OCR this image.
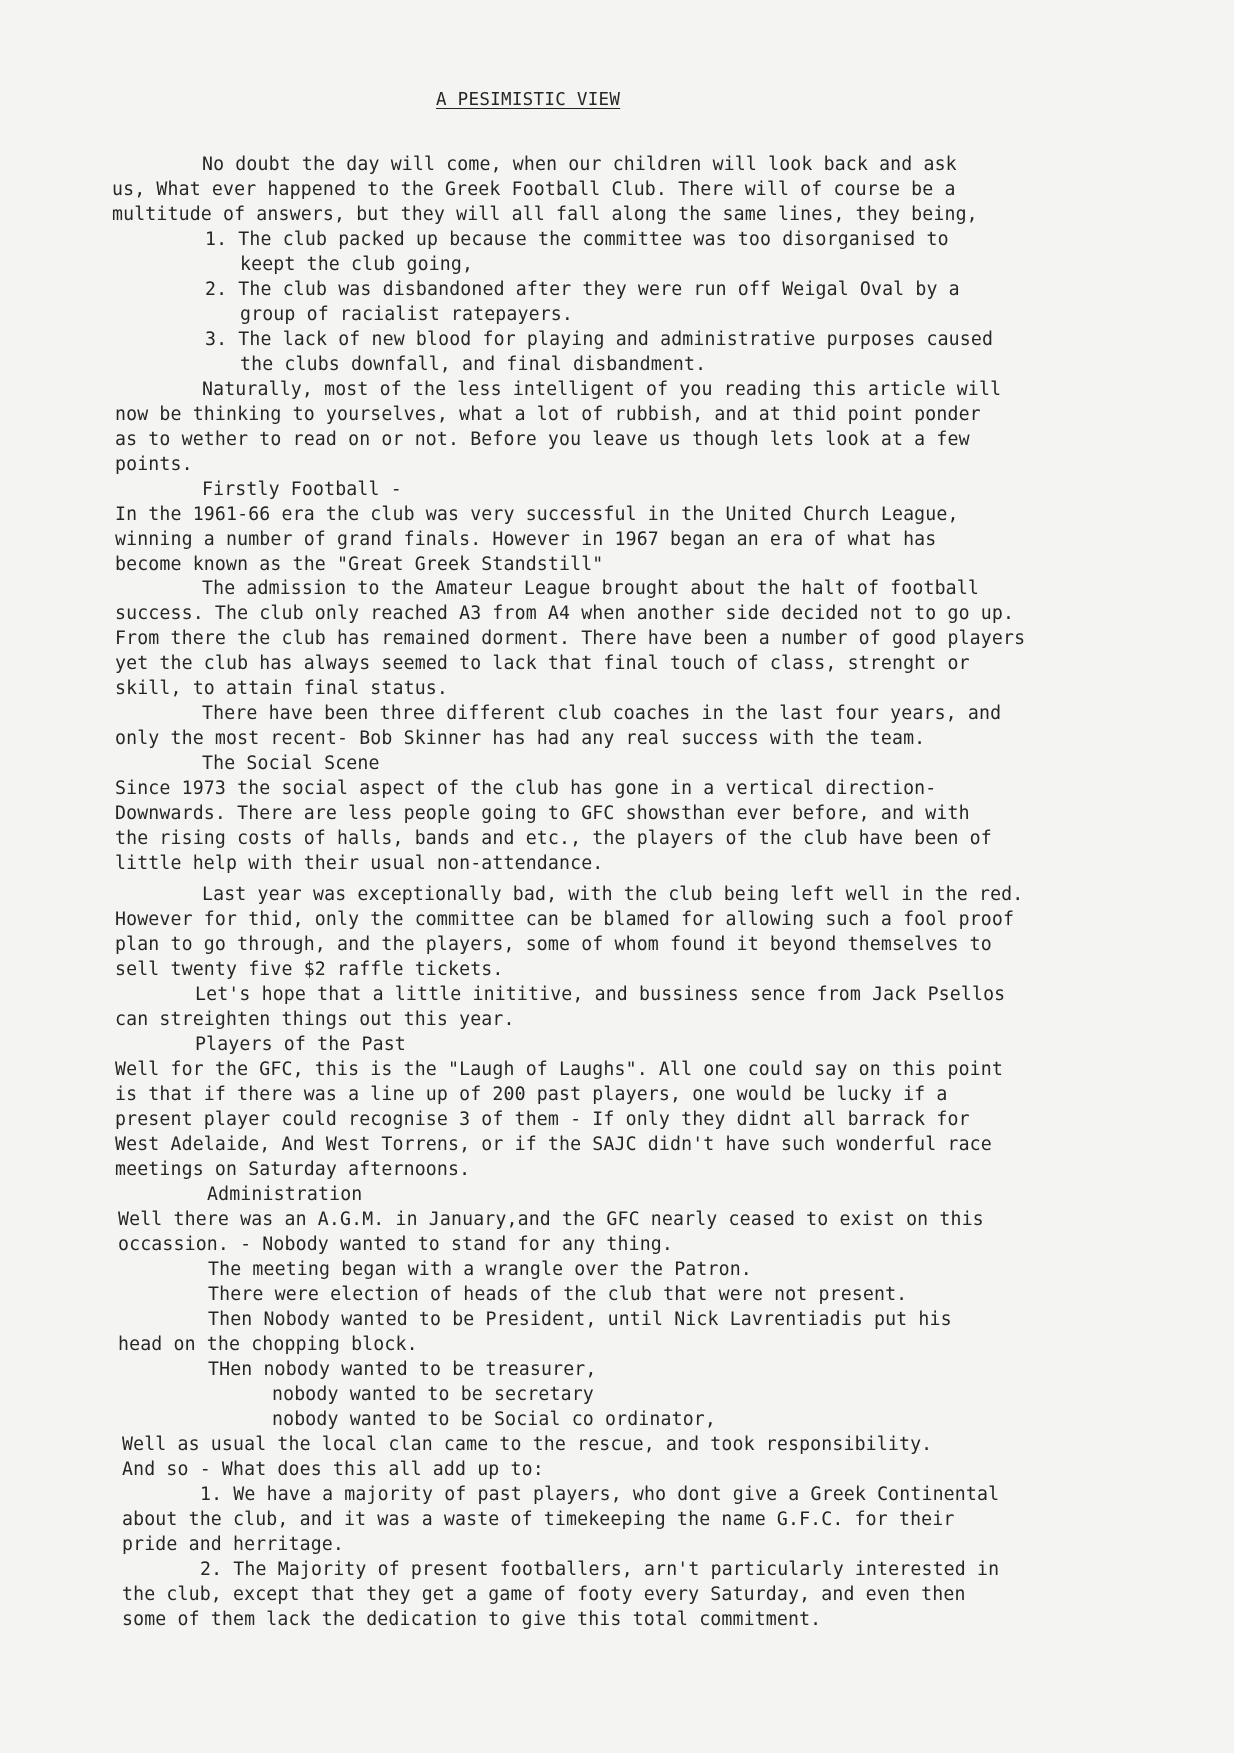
A PESIMISTIC VIEW
No doubt the day will come, when our children will look back and ask
us, What ever happened to the Greek Football Club. There will of course be a
multitude of answers, but they will all fall along the same lines, they being,
1. The club packed up because the committee was too disorganised to
keept the club going,
2. The club was disbandoned after they were run off Weigal Oval by a
group of racialist ratepayers.
3. The lack of new blood for playing and administrative purposes caused
the clubs downfall, and final disbandment.
Naturally, most of the less intelligent of you reading this article will
now be thinking to yourselves, what a lot of rubbish, and at thid point ponder
as to wether to read on or not. Before you leave us though lets look at a few
points.
Firstly Football -
In the 1961-66 era the club was very successful in the United Church League,
winning a number of grand finals. However in 1967 began an era of what has
become known as the "Great Greek Standstill"
The admission to the Amateur League brought about the halt of football
success. The club only reached A3 from A4 when another side decided not to go up.
From there the club has remained dorment. There have been a number of good players
yet the club has always seemed to lack that final touch of class, strenght or
skill, to attain final status.
There have been three different club coaches in the last four years, and
only the most recent- Bob Skinner has had any real success with the team.
The Social Scene
Since 1973 the social aspect of the club has gone in a vertical direction-
Downwards. There are less people going to GFC showsthan ever before, and with
the rising costs of halls, bands and etc., the players of the club have been of
little help with their usual non-attendance.
Last year was exceptionally bad, with the club being left well in the red.
However for thid, only the committee can be blamed for allowing such a fool proof
plan to go through, and the players, some of whom found it beyond themselves to
sell twenty five $2 raffle tickets.
Let's hope that a little inititive, and bussiness sence from Jack Psellos
can streighten things out this year.
Players of the Past
Well for the GFC, this is the "Laugh of Laughs". All one could say on this point
is that if there was a line up of 200 past players, one would be lucky if a
present player could recognise 3 of them - If only they didnt all barrack for
West Adelaide, And West Torrens, or if the SAJC didn't have such wonderful race
meetings on Saturday afternoons.
Administration
Well there was an A.G.M. in January,and the GFC nearly ceased to exist on this
occassion. - Nobody wanted to stand for any thing.
The meeting began with a wrangle over the Patron.
There were election of heads of the club that were not present.
Then Nobody wanted to be President, until Nick Lavrentiadis put his
head on the chopping block.
THen nobody wanted to be treasurer,
nobody wanted to be secretary
nobody wanted to be Social co ordinator,
Well as usual the local clan came to the rescue, and took responsibility.
And so - What does this all add up to:
1. We have a majority of past players, who dont give a Greek Continental
about the club, and it was a waste of timekeeping the name G.F.C. for their
pride and herritage.
2. The Majority of present footballers, arn't particularly interested in
the club, except that they get a game of footy every Saturday, and even then
some of them lack the dedication to give this total commitment.
